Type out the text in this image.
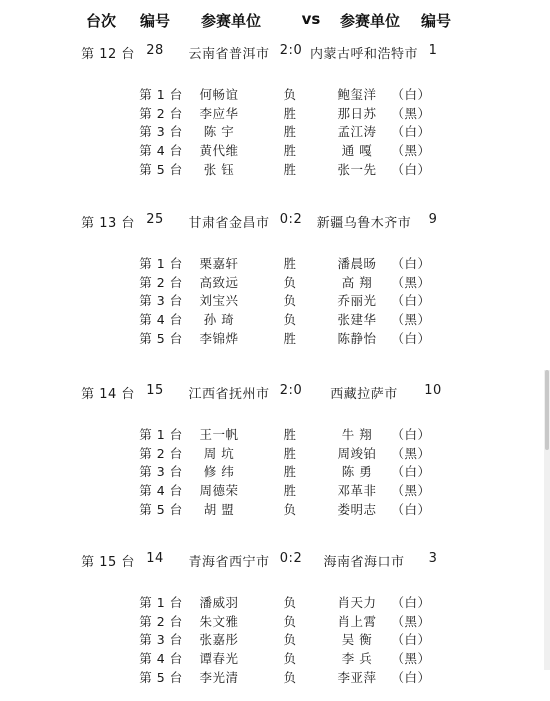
台次 编号 参赛单位	vs 参赛单位 编号
第 12 台 28 云南省普洱市 2:0 内蒙古呼和浩特市 1
第 1 台 何畅谊	负	鲍玺洋 （白）
第 2 台 李应华	胜	那日苏 （黑）
第 3 台 陈 宇	胜	孟江涛 （白）
第 4 台 黄代维	胜	通 嘎 （黑）
第 5 台 张 钰	胜	张一先 （白）
第 13 台 25 甘肃省金昌市 0:2 新疆乌鲁木齐市 9
第 1 台 栗嘉轩	胜	潘晨旸 （白）
第 2 台 高致远	负	高 翔 （黑）
第 3 台 刘宝兴	负	乔丽光 （白）
第 4 台 孙 琦	负	张建华 （黑）
第 5 台 李锦烨	胜	陈静怡 （白）
第 14 台 15 江西省抚州市 2:0 西藏拉萨市 10
第 1 台 王一帆	胜	牛 翔 （白）
第 2 台 周 坑	胜	周竣铂 （黑）
第 3 台 修 纬	胜	陈 勇 （白）
第 4 台 周德荣	胜	邓革非 （黑）
第 5 台 胡 盟	负	娄明志 （白）
第 15 台 14 青海省西宁市 0:2 海南省海口市 3
第 1 台 潘威羽	负	肖天力 （白）
第 2 台 朱文雅	负	肖上霄 （黑）
第 3 台 张嘉彤	负	吴 衡 （白）
第 4 台 谭春光	负	李 兵 （黑）
第 5 台 李光清	负	李亚萍 （白）
